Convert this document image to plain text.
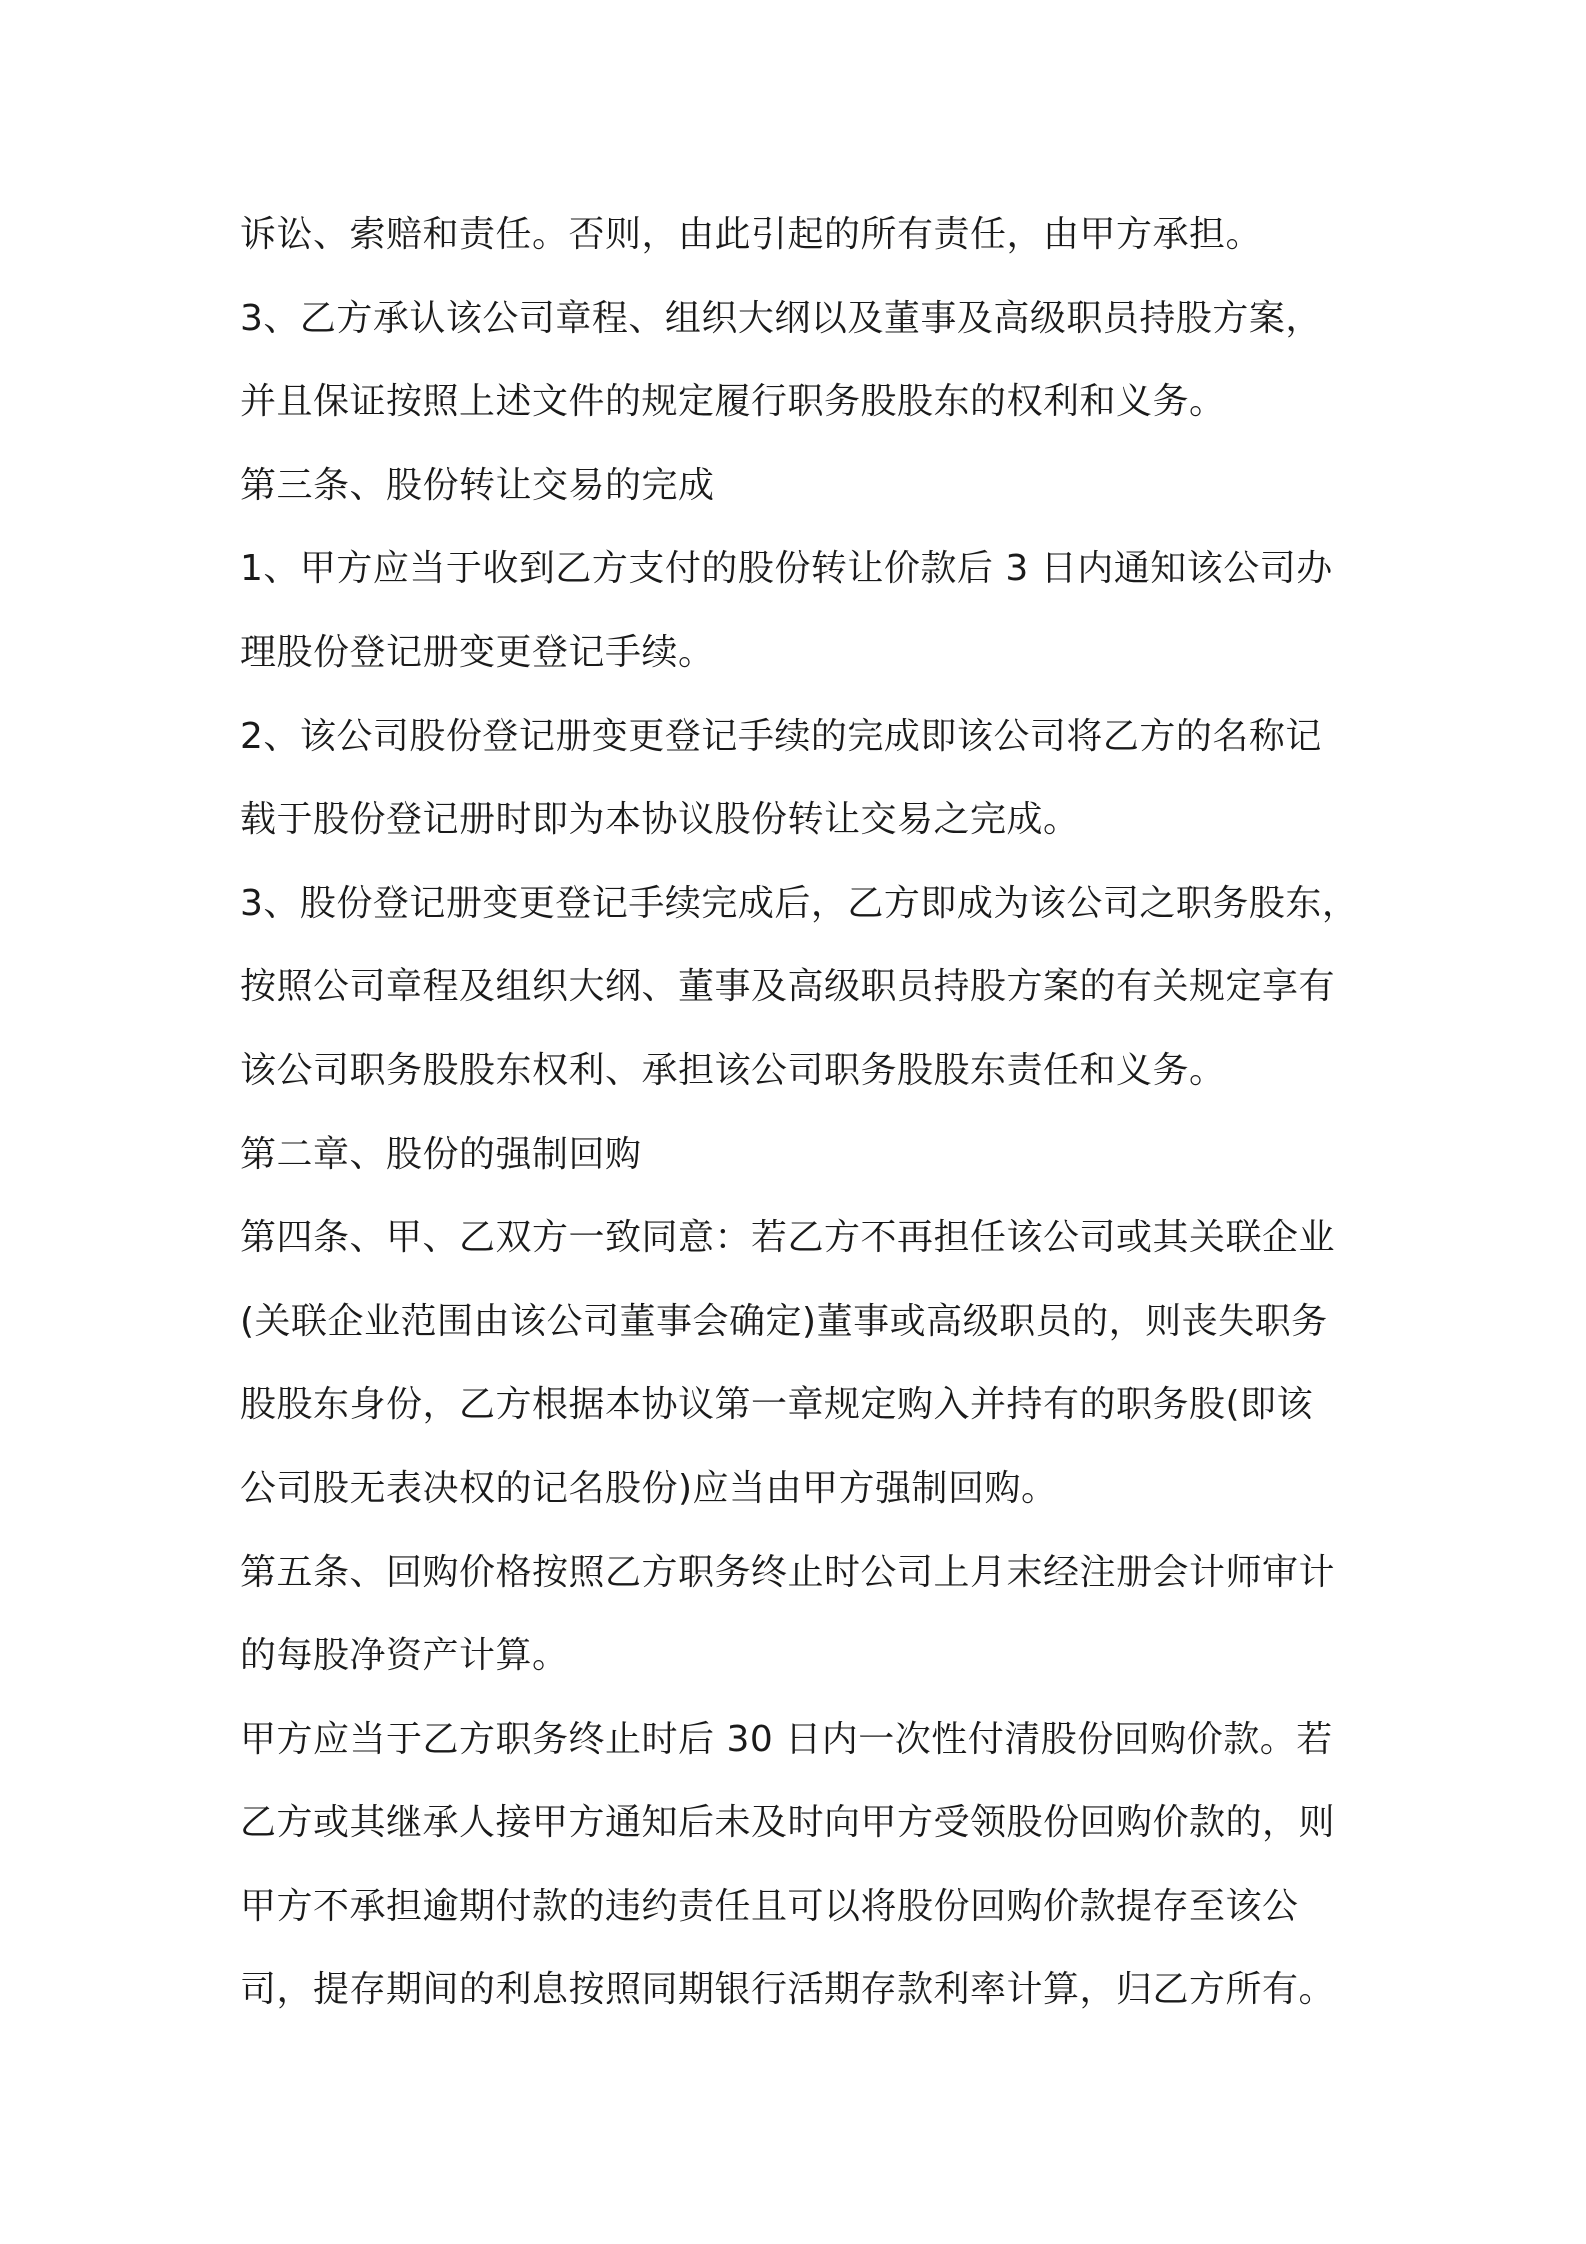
诉讼、索赔和责任。否则，由此引起的所有责任，由甲方承担。
3、乙方承认该公司章程、组织大纲以及董事及高级职员持股方案，
并且保证按照上述文件的规定履行职务股股东的权利和义务。
第三条、股份转让交易的完成
1、甲方应当于收到乙方支付的股份转让价款后 3 日内通知该公司办
理股份登记册变更登记手续。
2、该公司股份登记册变更登记手续的完成即该公司将乙方的名称记
载于股份登记册时即为本协议股份转让交易之完成。
3、股份登记册变更登记手续完成后，乙方即成为该公司之职务股东，
按照公司章程及组织大纲、董事及高级职员持股方案的有关规定享有
该公司职务股股东权利、承担该公司职务股股东责任和义务。
第二章、股份的强制回购
第四条、甲、乙双方一致同意：若乙方不再担任该公司或其关联企业
(关联企业范围由该公司董事会确定)董事或高级职员的，则丧失职务
股股东身份，乙方根据本协议第一章规定购入并持有的职务股(即该
公司股无表决权的记名股份)应当由甲方强制回购。
第五条、回购价格按照乙方职务终止时公司上月末经注册会计师审计
的每股净资产计算。
甲方应当于乙方职务终止时后 30 日内一次性付清股份回购价款。若
乙方或其继承人接甲方通知后未及时向甲方受领股份回购价款的，则
甲方不承担逾期付款的违约责任且可以将股份回购价款提存至该公
司，提存期间的利息按照同期银行活期存款利率计算，归乙方所有。
